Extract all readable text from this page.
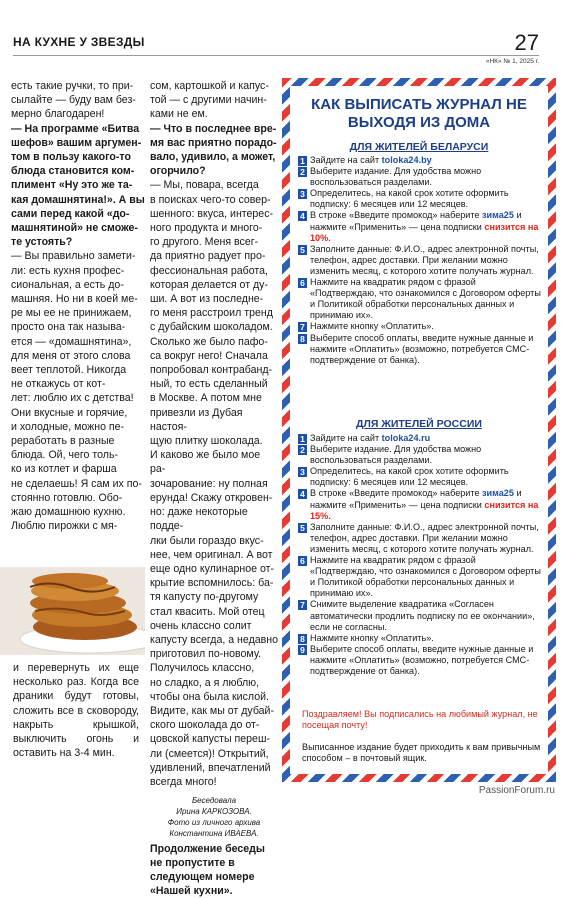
НА КУХНЕ У ЗВЕЗДЫ	27
«НК» № 1, 2025 г.

есть такие ручки, то при-

сылайте — буду вам без-

мерно благодарен!

— На программе «Битва

шефов» вашим аргумен-

том в пользу какого-то

блюда становится ком-

плимент «Ну это же та-

кая домашнятина!». А вы

сами перед какой «до-

машнятиной» не сможе-

те устоять?

— Вы правильно замети-

ли: есть кухня профес-

сиональная, а есть до-

машняя. Но ни в коей ме-

ре мы ее не принижаем,

просто она так называ-

ется — «домашнятина»,

для меня от этого слова

веет теплотой. Никогда

не откажусь от кот-

лет: люблю их с детства!

Они вкусные и горячие,

и холодные, можно пе-

реработать в разные

блюда. Ой, чего толь-

ко из котлет и фарша

не сделаешь! Я сам их по-

стоянно готовлю. Обо-

жаю домашнюю кухню.

Люблю пирожки с мя-

и перевернуть их еще несколько раз. Когда все драники будут готовы, сложить все в сковороду, накрыть крышкой, выключить огонь и оставить на 3-4 мин.

сом, картошкой и капус-

той — с другими начин-

ками не ем.

— Что в последнее вре-

мя вас приятно порадо-

вало, удивило, а может,

огорчило?

— Мы, повара, всегда

в поисках чего-то совер-

шенного: вкуса, интерес-

ного продукта и много-

го другого. Меня всег-

да приятно радует про-

фессиональная работа,

которая делается от ду-

ши. А вот из последне-

го меня расстроил тренд

с дубайским шоколадом.

Сколько же было пафо-

са вокруг него! Сначала

попробовал контрабанд-

ный, то есть сделанный

в Москве. А потом мне

привезли из Дубая настоя-

щую плитку шоколада.

И каково же было мое ра-

зочарование: ну полная

ерунда! Скажу откровен-

но: даже некоторые подде-

лки были гораздо вкус-

нее, чем оригинал. А вот

еще одно кулинарное от-

крытие вспомнилось: ба-

тя капусту по-другому

стал квасить. Мой отец

очень классно солит

капусту всегда, а недавно

приготовил по-новому.

Получилось классно,

но сладко, а я люблю,

чтобы она была кислой.

Видите, как мы от дубай-

ского шоколада до от-

цовской капусты переш-

ли (смеется)! Открытий,

удивлений, впечатлений

всегда много!

Беседовала
Ирина КАРКОЗОВА.
Фото из личного архива
Константина ИВАЕВА.
Продолжение беседы не пропустите в следующем номере «Нашей кухни».
КАК ВЫПИСАТЬ ЖУРНАЛ НЕ ВЫХОДЯ ИЗ ДОМА
ДЛЯ ЖИТЕЛЕЙ БЕЛАРУСИ
1 Зайдите на сайт toloka24.by
2 Выберите издание. Для удобства можно воспользоваться разделами.
3 Определитесь, на какой срок хотите оформить подписку: 6 месяцев или 12 месяцев.
4 В строке «Введите промокод» наберите зима25 и нажмите «Применить» — цена подписки снизится на 10%.
5 Заполните данные: Ф.И.О., адрес электронной почты, телефон, адрес доставки. При желании можно изменить месяц, с которого хотите получать журнал.
6 Нажмите на квадратик рядом с фразой «Подтверждаю, что ознакомился с Договором оферты и Политикой обработки персональных данных и принимаю их».
7 Нажмите кнопку «Оплатить».
8 Выберите способ оплаты, введите нужные данные и нажмите «Оплатить» (возможно, потребуется СМС-подтверждение от банка).
ДЛЯ ЖИТЕЛЕЙ РОССИИ
1 Зайдите на сайт toloka24.ru
2 Выберите издание. Для удобства можно воспользоваться разделами.
3 Определитесь, на какой срок хотите оформить подписку: 6 месяцев или 12 месяцев.
4 В строке «Введите промокод» наберите зима25 и нажмите «Применить» — цена подписки снизится на 15%.
5 Заполните данные: Ф.И.О., адрес электронной почты, телефон, адрес доставки. При желании можно изменить месяц, с которого хотите получать журнал.
6 Нажмите на квадратик рядом с фразой «Подтверждаю, что ознакомился с Договором оферты и Политикой обработки персональных данных и принимаю их».
7 Снимите выделение квадратика «Согласен автоматически продлить подписку по ее окончании», если не согласны.
8 Нажмите кнопку «Оплатить».
9 Выберите способ оплаты, введите нужные данные и нажмите «Оплатить» (возможно, потребуется СМС-подтверждение от банка).
Поздравляем! Вы подписались на любимый журнал, не посещая почту!
Выписанное издание будет приходить к вам привычным способом – в почтовый ящик.
PassionForum.ru
